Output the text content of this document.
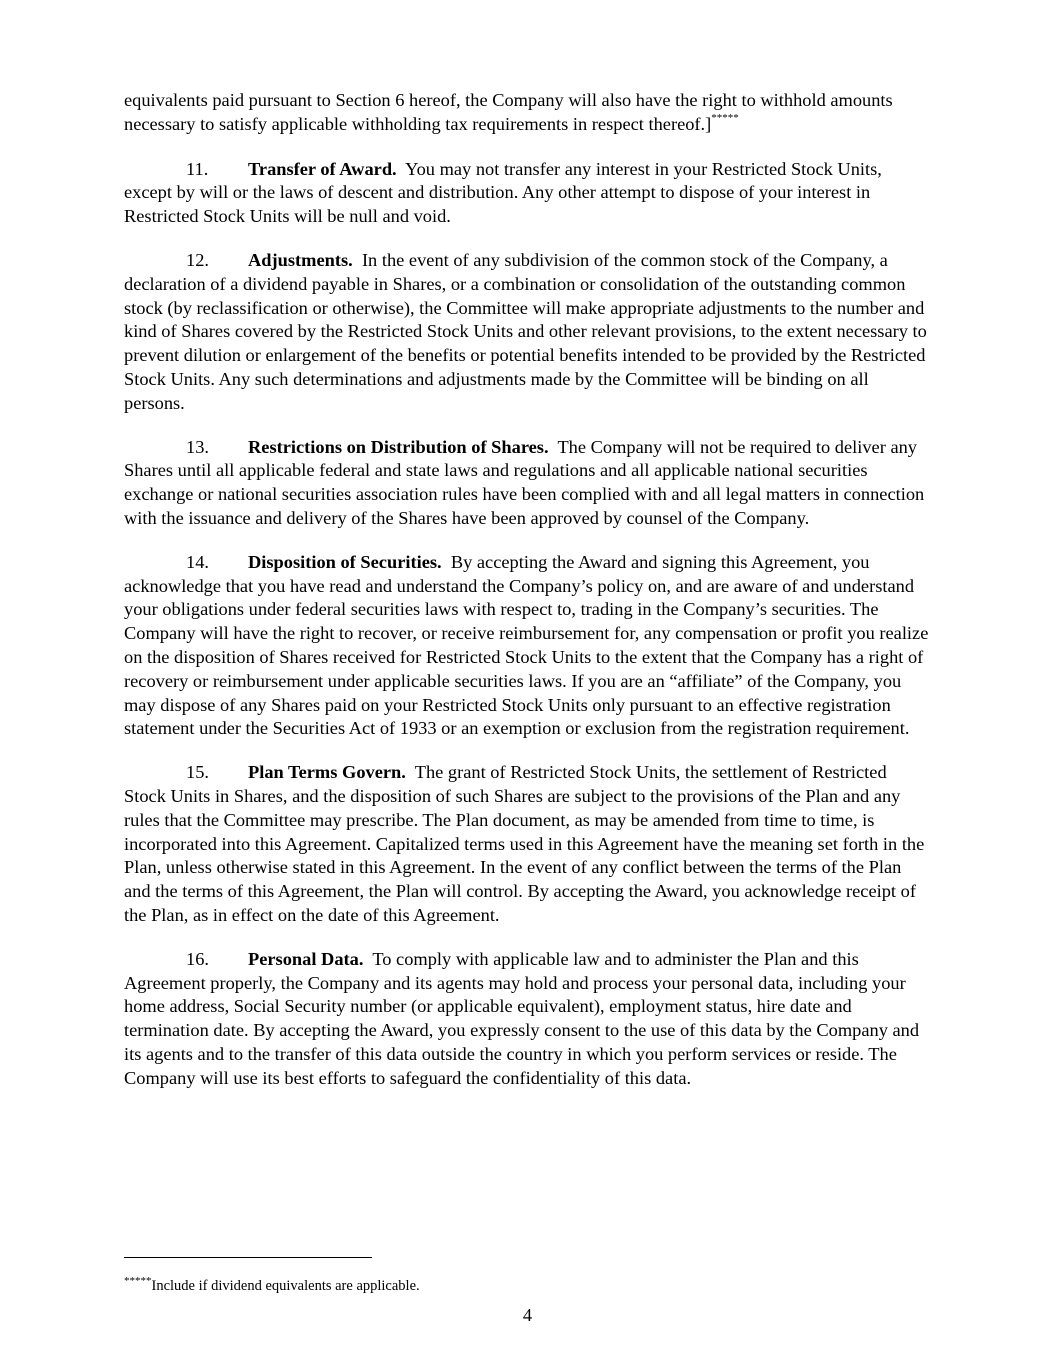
equivalents paid pursuant to Section 6 hereof, the Company will also have the right to withhold amounts necessary to satisfy applicable withholding tax requirements in respect thereof.]*****

11. Transfer of Award. You may not transfer any interest in your Restricted Stock Units, except by will or the laws of descent and distribution. Any other attempt to dispose of your interest in Restricted Stock Units will be null and void.

12. Adjustments. In the event of any subdivision of the common stock of the Company, a declaration of a dividend payable in Shares, or a combination or consolidation of the outstanding common stock (by reclassification or otherwise), the Committee will make appropriate adjustments to the number and kind of Shares covered by the Restricted Stock Units and other relevant provisions, to the extent necessary to prevent dilution or enlargement of the benefits or potential benefits intended to be provided by the Restricted Stock Units. Any such determinations and adjustments made by the Committee will be binding on all persons.

13. Restrictions on Distribution of Shares. The Company will not be required to deliver any Shares until all applicable federal and state laws and regulations and all applicable national securities exchange or national securities association rules have been complied with and all legal matters in connection with the issuance and delivery of the Shares have been approved by counsel of the Company.

14. Disposition of Securities. By accepting the Award and signing this Agreement, you acknowledge that you have read and understand the Company’s policy on, and are aware of and understand your obligations under federal securities laws with respect to, trading in the Company’s securities. The Company will have the right to recover, or receive reimbursement for, any compensation or profit you realize on the disposition of Shares received for Restricted Stock Units to the extent that the Company has a right of recovery or reimbursement under applicable securities laws. If you are an “affiliate” of the Company, you may dispose of any Shares paid on your Restricted Stock Units only pursuant to an effective registration statement under the Securities Act of 1933 or an exemption or exclusion from the registration requirement.

15. Plan Terms Govern. The grant of Restricted Stock Units, the settlement of Restricted Stock Units in Shares, and the disposition of such Shares are subject to the provisions of the Plan and any rules that the Committee may prescribe. The Plan document, as may be amended from time to time, is incorporated into this Agreement. Capitalized terms used in this Agreement have the meaning set forth in the Plan, unless otherwise stated in this Agreement. In the event of any conflict between the terms of the Plan and the terms of this Agreement, the Plan will control. By accepting the Award, you acknowledge receipt of the Plan, as in effect on the date of this Agreement.

16. Personal Data. To comply with applicable law and to administer the Plan and this Agreement properly, the Company and its agents may hold and process your personal data, including your home address, Social Security number (or applicable equivalent), employment status, hire date and termination date. By accepting the Award, you expressly consent to the use of this data by the Company and its agents and to the transfer of this data outside the country in which you perform services or reside. The Company will use its best efforts to safeguard the confidentiality of this data.

*****Include if dividend equivalents are applicable.
4
